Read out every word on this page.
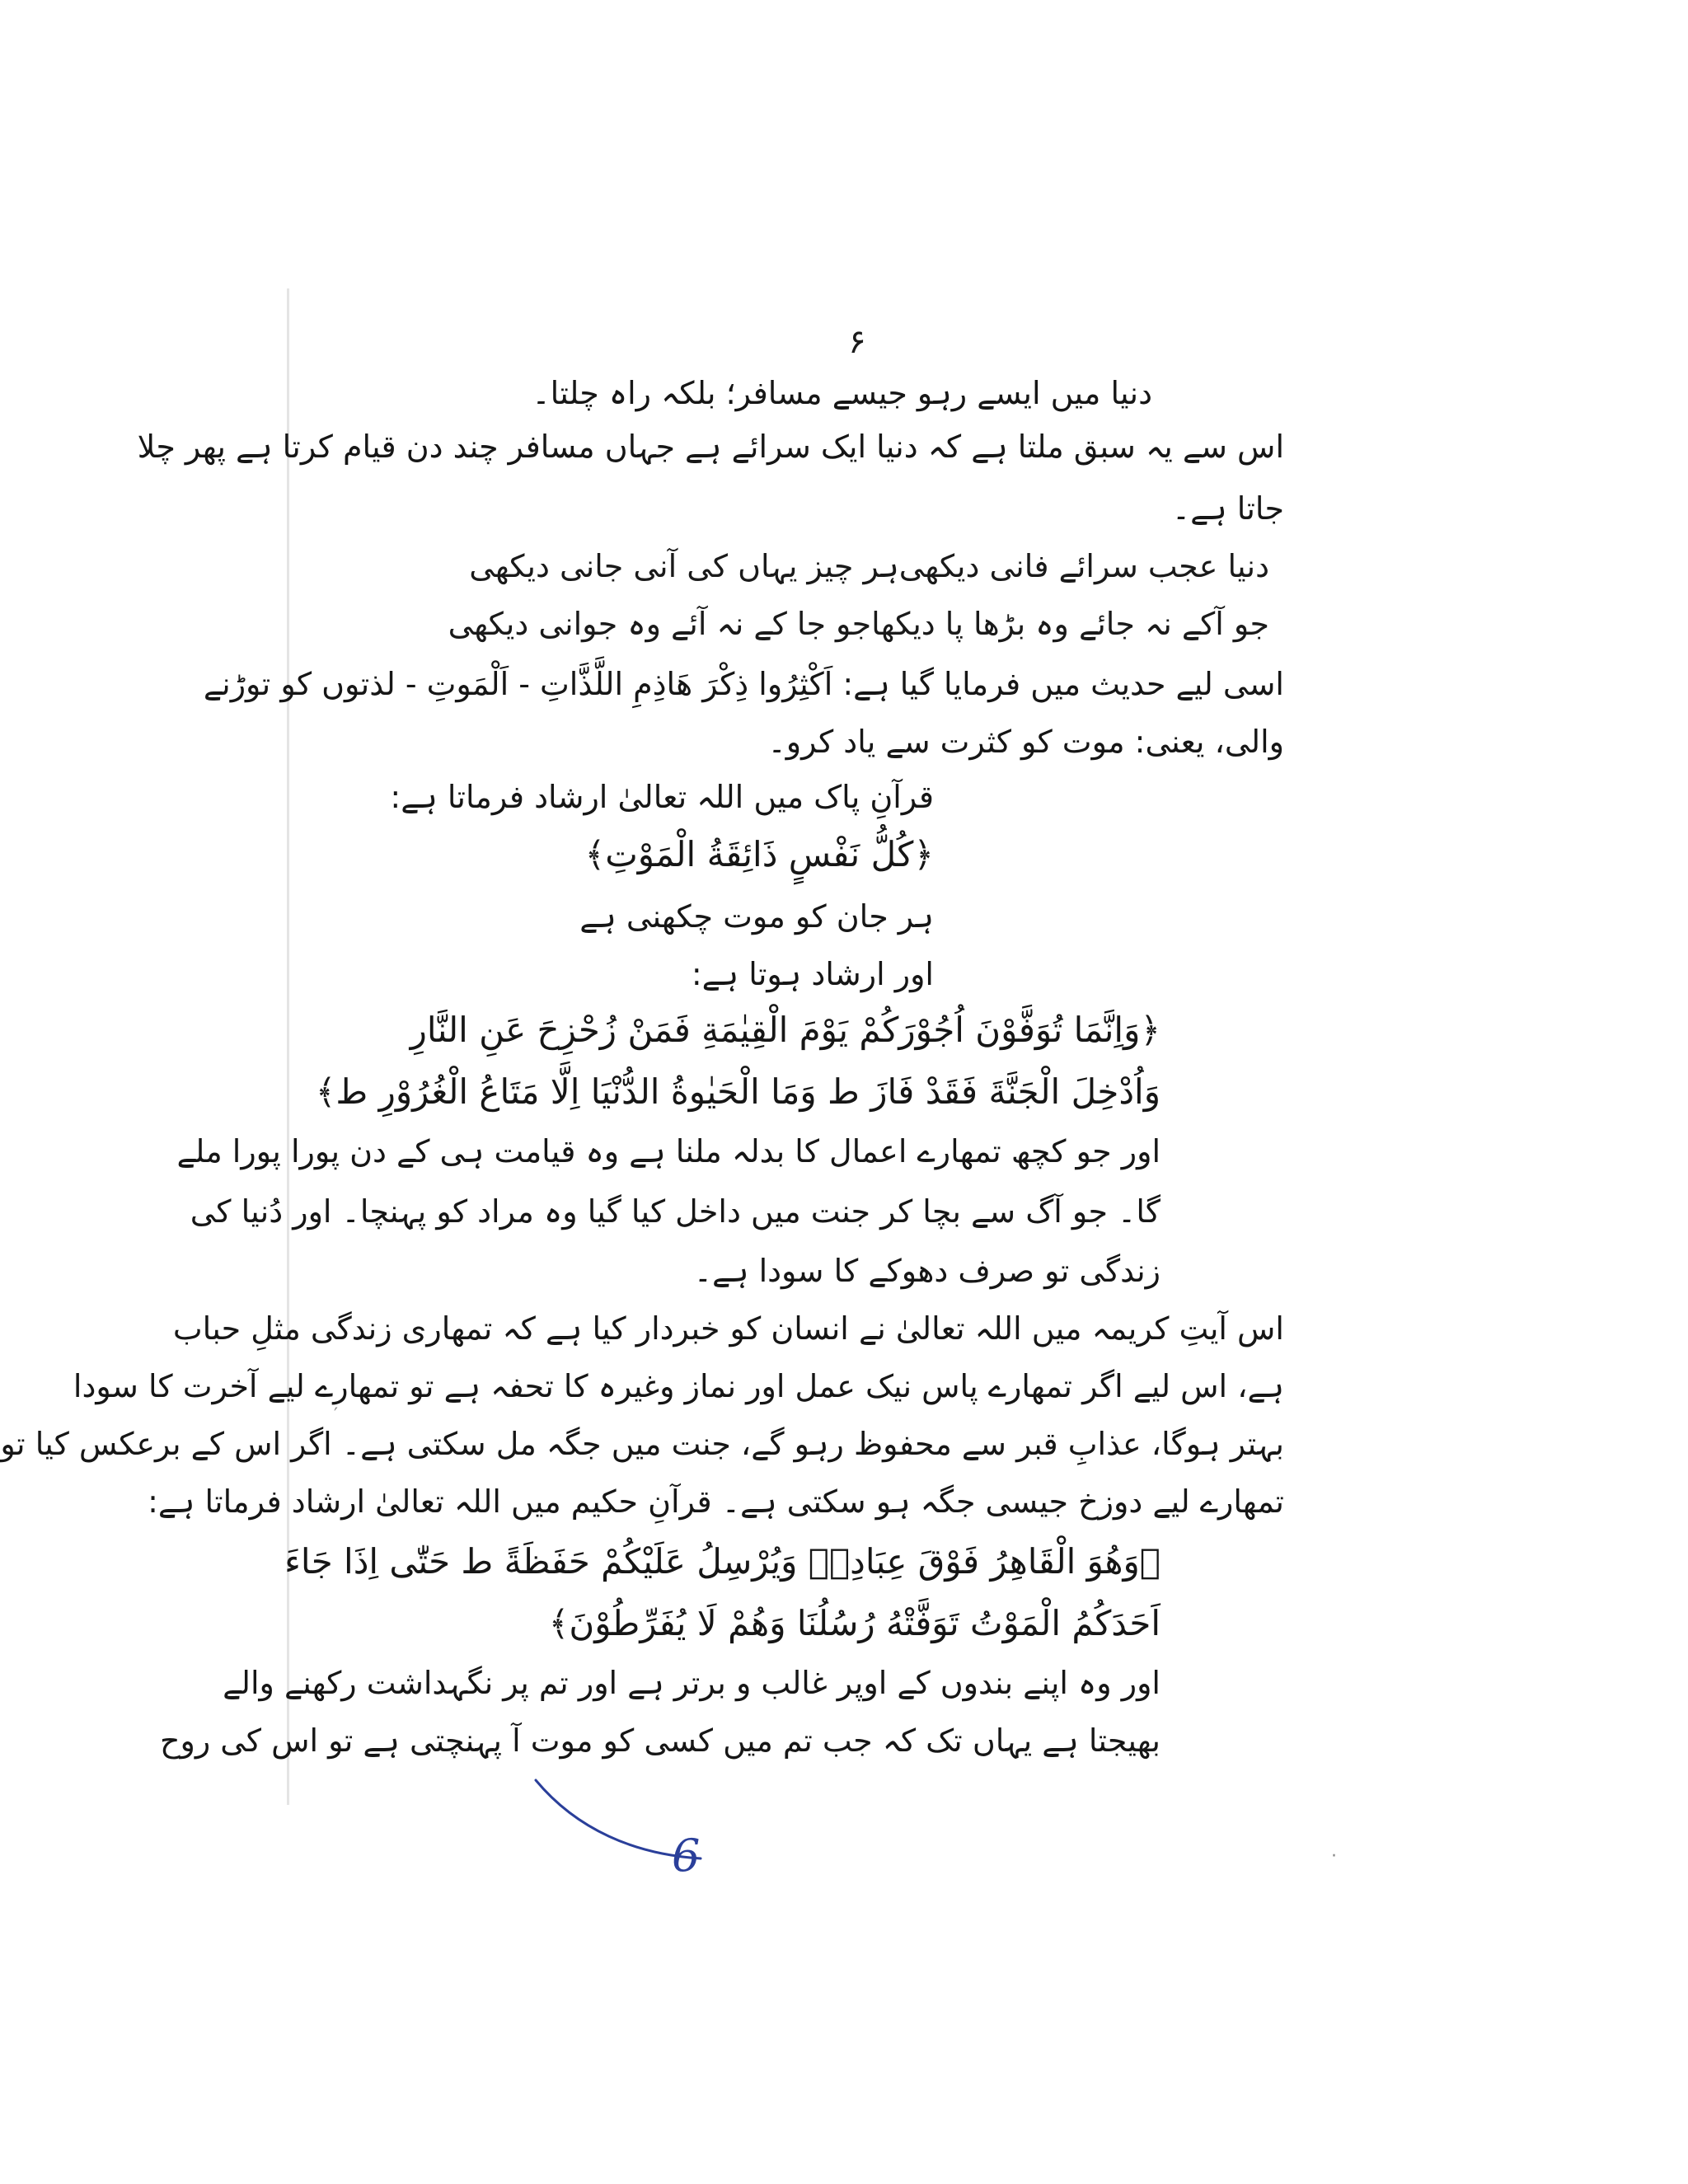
۶
دنیا میں ایسے رہو جیسے مسافر؛ بلکہ راہ چلتا۔
اس سے یہ سبق ملتا ہے کہ دنیا ایک سرائے ہے جہاں مسافر چند دن قیام کرتا ہے پھر چلا
جاتا ہے۔
دنیا عجب سرائے فانی دیکھی
ہر چیز یہاں کی آنی جانی دیکھی
جو آکے نہ جائے وہ بڑھا پا دیکھا
جو جا کے نہ آئے وہ جوانی دیکھی
اسی لیے حدیث میں فرمایا گیا ہے: اَکْثِرُوا ذِکْرَ هَاذِمِ اللَّذَّاتِ - اَلْمَوتِ - لذتوں کو توڑنے
والی، یعنی: موت کو کثرت سے یاد کرو۔
قرآنِ پاک میں اللہ تعالیٰ ارشاد فرماتا ہے:
﴿كُلُّ نَفْسٍ ذَائِقَةُ الْمَوْتِ﴾
ہر جان کو موت چکھنی ہے
اور ارشاد ہوتا ہے:
﴿وَاِنَّمَا تُوَفَّوْنَ اُجُوْرَكُمْ يَوْمَ الْقِيٰمَةِ فَمَنْ زُحْزِحَ عَنِ النَّارِ
وَاُدْخِلَ الْجَنَّةَ فَقَدْ فَازَ ط وَمَا الْحَيٰوةُ الدُّنْيَا اِلَّا مَتَاعُ الْغُرُوْرِ ط﴾
اور جو کچھ تمھارے اعمال کا بدلہ ملنا ہے وہ قیامت ہی کے دن پورا پورا ملے
گا۔ جو آگ سے بچا کر جنت میں داخل کیا گیا وہ مراد کو پہنچا۔ اور دُنیا کی
زندگی تو صرف دھوکے کا سودا ہے۔
اس آیتِ کریمہ میں اللہ تعالیٰ نے انسان کو خبردار کیا ہے کہ تمھاری زندگی مثلِ حباب
ہے، اس لیے اگر تمھارے پاس نیک عمل اور نماز وغیرہ کا تحفہ ہے تو تمھارے لیے آخرت کا سودا
بہتر ہوگا، عذابِ قبر سے محفوظ رہو گے، جنت میں جگہ مل سکتی ہے۔ اگر اس کے برعکس کیا تو
تمھارے لیے دوزخ جیسی جگہ ہو سکتی ہے۔ قرآنِ حکیم میں اللہ تعالیٰ ارشاد فرماتا ہے:
﴿وَهُوَ الْقَاهِرُ فَوْقَ عِبَادِهٖ وَيُرْسِلُ عَلَيْكُمْ حَفَظَةً ط حَتّٰى اِذَا جَاءَ
اَحَدَكُمُ الْمَوْتُ تَوَفَّتْهُ رُسُلُنَا وَهُمْ لَا يُفَرِّطُوْنَ﴾
اور وہ اپنے بندوں کے اوپر غالب و برتر ہے اور تم پر نگہداشت رکھنے والے
بھیجتا ہے یہاں تک کہ جب تم میں کسی کو موت آ پہنچتی ہے تو اس کی روح
′
·
6
